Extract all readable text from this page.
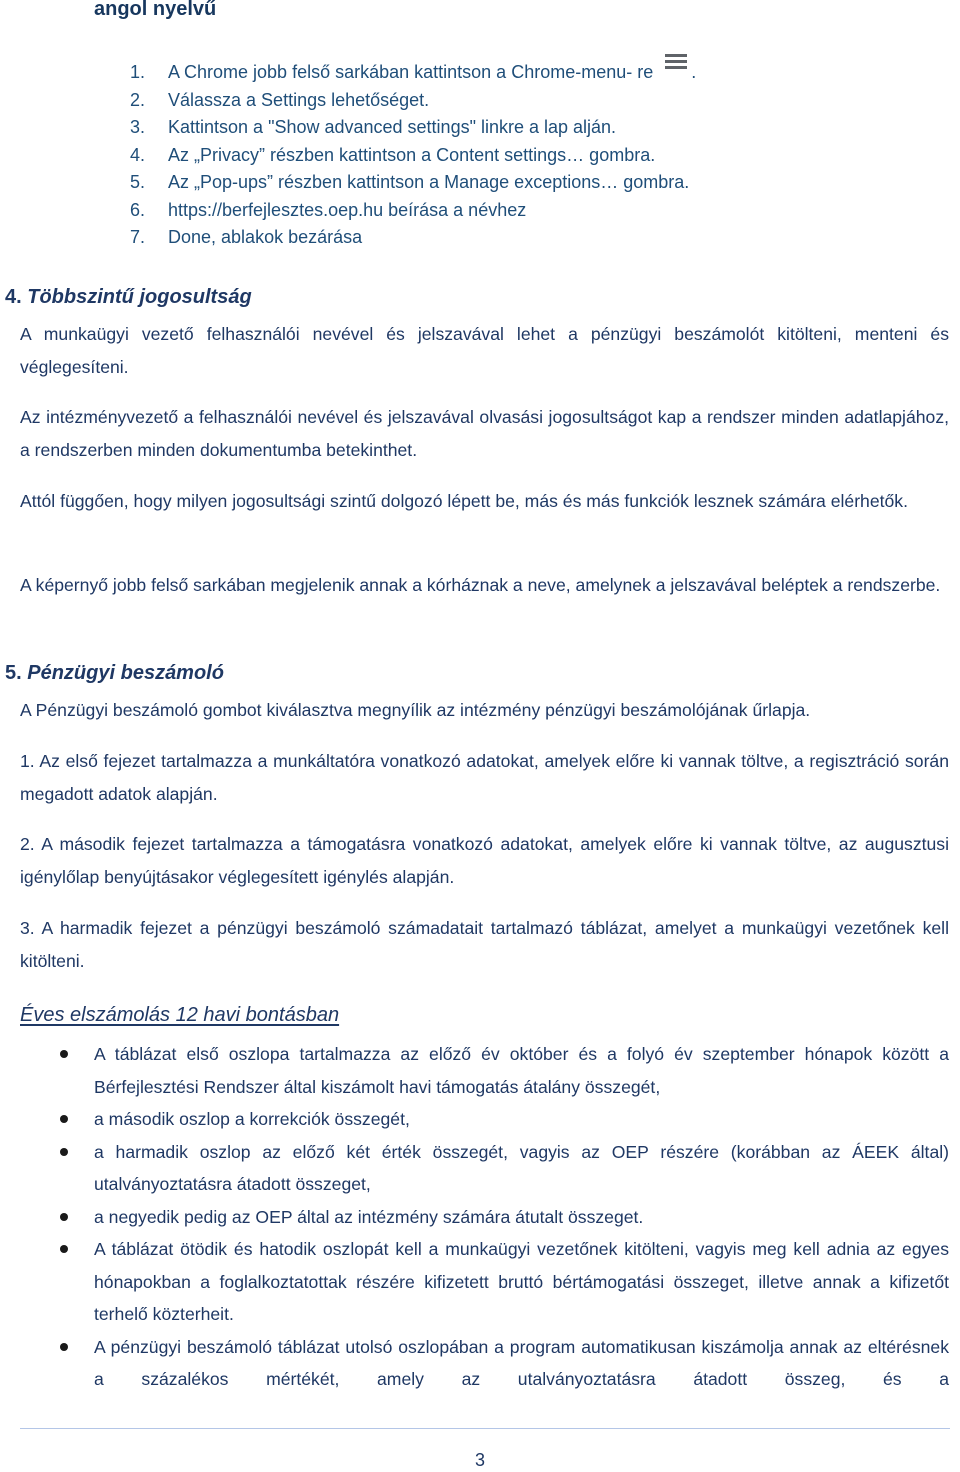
angol nyelvű
1. A Chrome jobb felső sarkában kattintson a Chrome-menu- re .
2. Válassza a Settings lehetőséget.
3. Kattintson a "Show advanced settings" linkre a lap alján.
4. Az „Privacy” részben kattintson a Content settings… gombra.
5. Az „Pop-ups” részben kattintson a Manage exceptions… gombra.
6. https://berfejlesztes.oep.hu beírása a névhez
7. Done, ablakok bezárása
4. Többszintű jogosultság

A munkaügyi vezető felhasználói nevével és jelszavával lehet a pénzügyi beszámolót kitölteni, menteni és véglegesíteni.

Az intézményvezető a felhasználói nevével és jelszavával olvasási jogosultságot kap a rendszer minden adatlapjához, a rendszerben minden dokumentumba betekinthet.

Attól függően, hogy milyen jogosultsági szintű dolgozó lépett be, más és más funkciók lesznek számára elérhetők.

A képernyő jobb felső sarkában megjelenik annak a kórháznak a neve, amelynek a jelszavával beléptek a rendszerbe.

5. Pénzügyi beszámoló

A Pénzügyi beszámoló gombot kiválasztva megnyílik az intézmény pénzügyi beszámolójának űrlapja.

1. Az első fejezet tartalmazza a munkáltatóra vonatkozó adatokat, amelyek előre ki vannak töltve, a regisztráció során megadott adatok alapján.

2. A második fejezet tartalmazza a támogatásra vonatkozó adatokat, amelyek előre ki vannak töltve, az augusztusi igénylőlap benyújtásakor véglegesített igénylés alapján.

3. A harmadik fejezet a pénzügyi beszámoló számadatait tartalmazó táblázat, amelyet a munkaügyi vezetőnek kell kitölteni.

Éves elszámolás 12 havi bontásban
A táblázat első oszlopa tartalmazza az előző év október és a folyó év szeptember hónapok között a Bérfejlesztési Rendszer által kiszámolt havi támogatás átalány összegét,
a második oszlop a korrekciók összegét,
a harmadik oszlop az előző két érték összegét, vagyis az OEP részére (korábban az ÁEEK által) utalványoztatásra átadott összeget,
a negyedik pedig az OEP által az intézmény számára átutalt összeget.
A táblázat ötödik és hatodik oszlopát kell a munkaügyi vezetőnek kitölteni, vagyis meg kell adnia az egyes hónapokban a foglalkoztatottak részére kifizetett bruttó bértámogatási összeget, illetve annak a kifizetőt terhelő közterheit.
A pénzügyi beszámoló táblázat utolsó oszlopában a program automatikusan kiszámolja annak az eltérésnek a százalékos mértékét, amely az utalványoztatásra átadott összeg, és a
3
